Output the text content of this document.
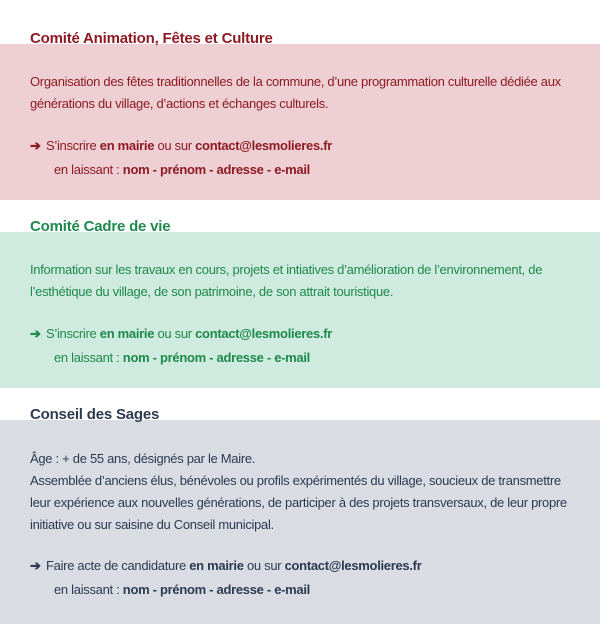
Comité Animation, Fêtes et Culture
Organisation des fêtes traditionnelles de la commune, d’une programmation culturelle dédiée aux
générations du village, d’actions et échanges culturels.
➔ S’inscrire en mairie ou sur contact@lesmolieres.fr
en laissant : nom - prénom - adresse - e-mail
Comité Cadre de vie
Information sur les travaux en cours, projets et intiatives d’amélioration de l’environnement, de
l’esthétique du village, de son patrimoine, de son attrait touristique.
➔ S’inscrire en mairie ou sur contact@lesmolieres.fr
en laissant : nom - prénom - adresse - e-mail
Conseil des Sages
Âge : + de 55 ans, désignés par le Maire.
Assemblée d’anciens élus, bénévoles ou profils expérimentés du village, soucieux de transmettre
leur expérience aux nouvelles générations, de participer à des projets transversaux, de leur propre
initiative ou sur saisine du Conseil municipal.
➔ Faire acte de candidature en mairie ou sur contact@lesmolieres.fr
en laissant : nom - prénom - adresse - e-mail
